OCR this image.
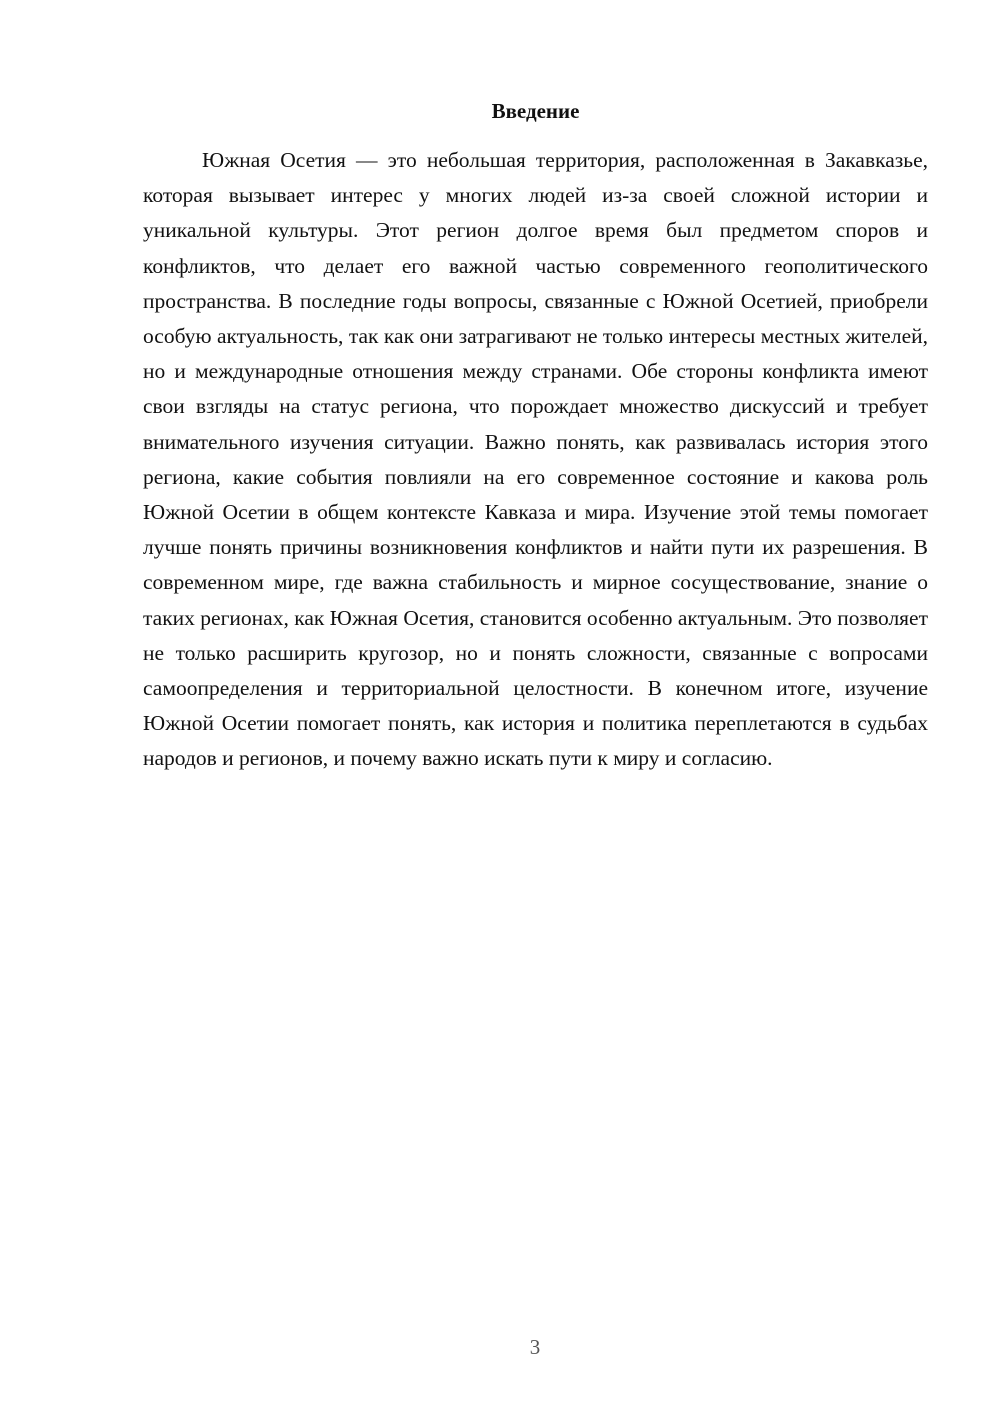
Введение

Южная Осетия — это небольшая территория, расположенная в Закавказье, которая вызывает интерес у многих людей из-за своей сложной истории и уникальной культуры. Этот регион долгое время был предметом споров и конфликтов, что делает его важной частью современного геополитического пространства. В последние годы вопросы, связанные с Южной Осетией, приобрели особую актуальность, так как они затрагивают не только интересы местных жителей, но и международные отношения между странами. Обе стороны конфликта имеют свои взгляды на статус региона, что порождает множество дискуссий и требует внимательного изучения ситуации. Важно понять, как развивалась история этого региона, какие события повлияли на его современное состояние и какова роль Южной Осетии в общем контексте Кавказа и мира. Изучение этой темы помогает лучше понять причины возникновения конфликтов и найти пути их разрешения. В современном мире, где важна стабильность и мирное сосуществование, знание о таких регионах, как Южная Осетия, становится особенно актуальным. Это позволяет не только расширить кругозор, но и понять сложности, связанные с вопросами самоопределения и территориальной целостности. В конечном итоге, изучение Южной Осетии помогает понять, как история и политика переплетаются в судьбах народов и регионов, и почему важно искать пути к миру и согласию.

3
